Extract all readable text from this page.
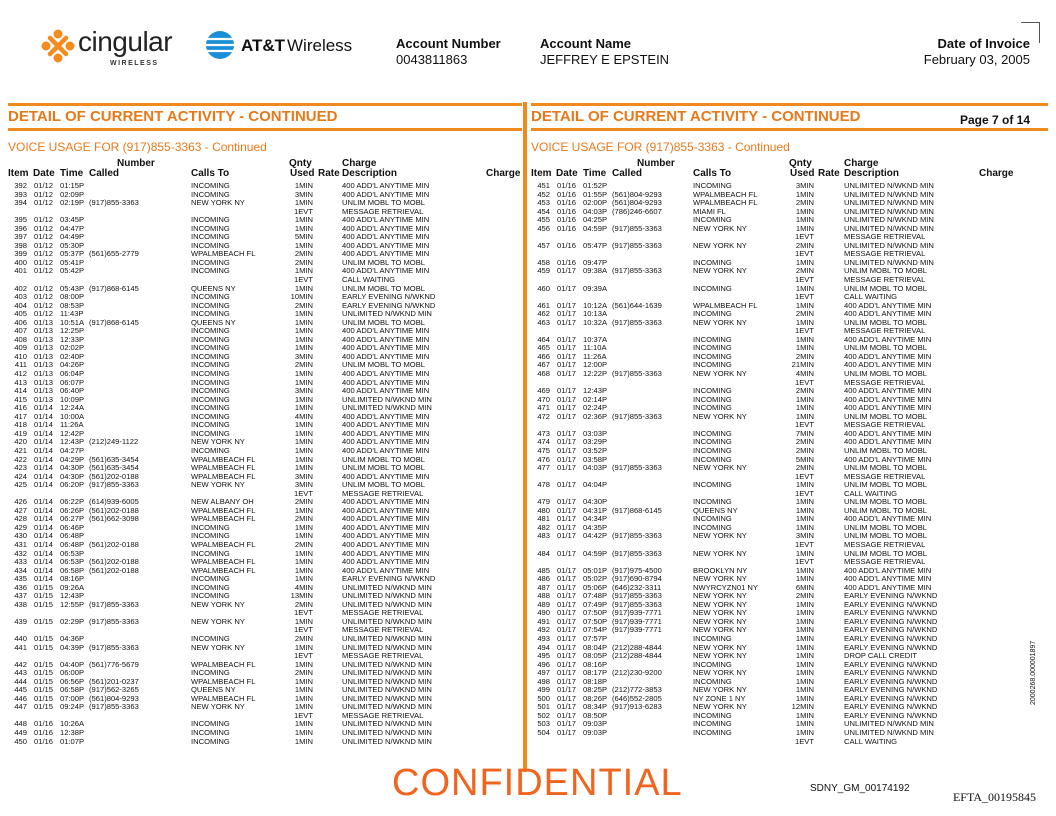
cingular
WIRELESS
AT&T Wireless	Account Number
0043811863
Account Name
JEFFREY E EPSTEIN
Date of Invoice
February 03, 2005
Page 7 of 14
DETAIL OF CURRENT ACTIVITY - CONTINUED
VOICE USAGE FOR (917)855-3363 - Continued
Number	Qnty	Charge
Item Date Time Called	Calls To	Used Rate Description	Charge
392 01/12 01:15P	INCOMING	1MIN	400 ADD'L ANYTIME MIN
393 01/12 02:09P	INCOMING	3MIN	400 ADD'L ANYTIME MIN
394 01/12 02:19P (917)855-3363	NEW YORK NY	1MIN	UNLIM MOBL TO MOBL
1EVT	MESSAGE RETRIEVAL
395 01/12 03:45P	INCOMING	1MIN	400 ADD'L ANYTIME MIN
396 01/12 04:47P	INCOMING	1MIN	400 ADD'L ANYTIME MIN
397 01/12 04:49P	INCOMING	5MIN	400 ADD'L ANYTIME MIN
398 01/12 05:30P	INCOMING	1MIN	400 ADD'L ANYTIME MIN
399 01/12 05:37P (561)655-2779	WPALMBEACH FL	2MIN	400 ADD'L ANYTIME MIN
400 01/12 05:41P	INCOMING	2MIN	UNLIM MOBL TO MOBL
401 01/12 05:42P	INCOMING	1MIN	400 ADD'L ANYTIME MIN
1EVT	CALL WAITING
402 01/12 05:43P (917)868-6145	QUEENS NY	1MIN	UNLIM MOBL TO MOBL
403 01/12 08:00P	INCOMING	10MIN	EARLY EVENING N/WKND
404 01/12 08:53P	INCOMING	2MIN	EARLY EVENING N/WKND
405 01/12 11:43P	INCOMING	1MIN	UNLIMITED N/WKND MIN
406 01/13 10:51A (917)868-6145	QUEENS NY	1MIN	UNLIM MOBL TO MOBL
407 01/13 12:25P	INCOMING	1MIN	400 ADD'L ANYTIME MIN
408 01/13 12:33P	INCOMING	1MIN	400 ADD'L ANYTIME MIN
409 01/13 02:02P	INCOMING	1MIN	400 ADD'L ANYTIME MIN
410 01/13 02:40P	INCOMING	3MIN	400 ADD'L ANYTIME MIN
411 01/13 04:26P	INCOMING	2MIN	UNLIM MOBL TO MOBL
412 01/13 06:04P	INCOMING	1MIN	400 ADD'L ANYTIME MIN
413 01/13 06:07P	INCOMING	1MIN	400 ADD'L ANYTIME MIN
414 01/13 06:40P	INCOMING	3MIN	400 ADD'L ANYTIME MIN
415 01/13 10:09P	INCOMING	1MIN	UNLIMITED N/WKND MIN
416 01/14 12:24A	INCOMING	1MIN	UNLIMITED N/WKND MIN
417 01/14 10:00A	INCOMING	4MIN	400 ADD'L ANYTIME MIN
418 01/14 11:26A	INCOMING	1MIN	400 ADD'L ANYTIME MIN
419 01/14 12:42P	INCOMING	1MIN	400 ADD'L ANYTIME MIN
420 01/14 12:43P (212)249-1122	NEW YORK NY	1MIN	400 ADD'L ANYTIME MIN
421 01/14 04:27P	INCOMING	1MIN	400 ADD'L ANYTIME MIN
422 01/14 04:29P (561)635-3454	WPALMBEACH FL	1MIN	UNLIM MOBL TO MOBL
423 01/14 04:30P (561)635-3454	WPALMBEACH FL	1MIN	UNLIM MOBL TO MOBL
424 01/14 04:30P (561)202-0188	WPALMBEACH FL	3MIN	400 ADD'L ANYTIME MIN
425 01/14 06:20P (917)855-3363	NEW YORK NY	3MIN	UNLIM MOBL TO MOBL
1EVT	MESSAGE RETRIEVAL
426 01/14 06:22P (614)939-6005	NEW ALBANY OH	2MIN	400 ADD'L ANYTIME MIN
427 01/14 06:26P (561)202-0188	WPALMBEACH FL	1MIN	400 ADD'L ANYTIME MIN
428 01/14 06:27P (561)662-3098	WPALMBEACH FL	2MIN	400 ADD'L ANYTIME MIN
429 01/14 06:46P	INCOMING	1MIN	400 ADD'L ANYTIME MIN
430 01/14 06:48P	INCOMING	1MIN	400 ADD'L ANYTIME MIN
431 01/14 06:48P (561)202-0188	WPALMBEACH FL	2MIN	400 ADD'L ANYTIME MIN
432 01/14 06:53P	INCOMING	1MIN	400 ADD'L ANYTIME MIN
433 01/14 06:53P (561)202-0188	WPALMBEACH FL	1MIN	400 ADD'L ANYTIME MIN
434 01/14 06:58P (561)202-0188	WPALMBEACH FL	1MIN	400 ADD'L ANYTIME MIN
435 01/14 08:16P	INCOMING	1MIN	EARLY EVENING N/WKND
436 01/15 09:26A	INCOMING	4MIN	UNLIMITED N/WKND MIN
437 01/15 12:43P	INCOMING	13MIN	UNLIMITED N/WKND MIN
438 01/15 12:55P (917)855-3363	NEW YORK NY	2MIN	UNLIMITED N/WKND MIN
1EVT	MESSAGE RETRIEVAL
439 01/15 02:29P (917)855-3363	NEW YORK NY	1MIN	UNLIMITED N/WKND MIN
1EVT	MESSAGE RETRIEVAL
440 01/15 04:36P	INCOMING	2MIN	UNLIMITED N/WKND MIN
441 01/15 04:39P (917)855-3363	NEW YORK NY	1MIN	UNLIMITED N/WKND MIN
1EVT	MESSAGE RETRIEVAL
442 01/15 04:40P (561)776-5679	WPALMBEACH FL	1MIN	UNLIMITED N/WKND MIN
443 01/15 06:00P	INCOMING	2MIN	UNLIMITED N/WKND MIN
444 01/15 06:56P (561)201-0237	WPALMBEACH FL	1MIN	UNLIMITED N/WKND MIN
445 01/15 06:58P (917)562-3265	QUEENS NY	1MIN	UNLIMITED N/WKND MIN
446 01/15 07:00P (561)804-9293	WPALMBEACH FL	1MIN	UNLIMITED N/WKND MIN
447 01/15 09:24P (917)855-3363	NEW YORK NY	1MIN	UNLIMITED N/WKND MIN
1EVT	MESSAGE RETRIEVAL
448 01/16 10:26A	INCOMING	1MIN	UNLIMITED N/WKND MIN
449 01/16 12:38P	INCOMING	1MIN	UNLIMITED N/WKND MIN
450 01/16 01:07P	INCOMING	1MIN	UNLIMITED N/WKND MIN
DETAIL OF CURRENT ACTIVITY - CONTINUED
VOICE USAGE FOR (917)855-3363 - Continued
Number	Qnty	Charge
Item Date Time Called	Calls To	Used Rate Description	Charge
451 01/16 01:52P	INCOMING	3MIN	UNLIMITED N/WKND MIN
452 01/16 01:55P (561)804-9293	WPALMBEACH FL	1MIN	UNLIMITED N/WKND MIN
453 01/16 02:00P (561)804-9293	WPALMBEACH FL	2MIN	UNLIMITED N/WKND MIN
454 01/16 04:03P (786)246-6607	MIAMI FL	1MIN	UNLIMITED N/WKND MIN
455 01/16 04:25P	INCOMING	1MIN	UNLIMITED N/WKND MIN
456 01/16 04:59P (917)855-3363	NEW YORK NY	1MIN	UNLIMITED N/WKND MIN
1EVT	MESSAGE RETRIEVAL
457 01/16 05:47P (917)855-3363	NEW YORK NY	2MIN	UNLIMITED N/WKND MIN
1EVT	MESSAGE RETRIEVAL
458 01/16 09:47P	INCOMING	1MIN	UNLIMITED N/WKND MIN
459 01/17 09:38A (917)855-3363	NEW YORK NY	2MIN	UNLIM MOBL TO MOBL
1EVT	MESSAGE RETRIEVAL
460 01/17 09:39A	INCOMING	1MIN	UNLIM MOBL TO MOBL
1EVT	CALL WAITING
461 01/17 10:12A (561)644-1639	WPALMBEACH FL	1MIN	400 ADD'L ANYTIME MIN
462 01/17 10:13A	INCOMING	2MIN	400 ADD'L ANYTIME MIN
463 01/17 10:32A (917)855-3363	NEW YORK NY	1MIN	UNLIM MOBL TO MOBL
1EVT	MESSAGE RETRIEVAL
464 01/17 10:37A	INCOMING	1MIN	400 ADD'L ANYTIME MIN
465 01/17 11:10A	INCOMING	1MIN	UNLIM MOBL TO MOBL
466 01/17 11:26A	INCOMING	2MIN	400 ADD'L ANYTIME MIN
467 01/17 12:00P	INCOMING	21MIN	400 ADD'L ANYTIME MIN
468 01/17 12:22P (917)855-3363	NEW YORK NY	4MIN	UNLIM MOBL TO MOBL
1EVT	MESSAGE RETRIEVAL
469 01/17 12:43P	INCOMING	2MIN	400 ADD'L ANYTIME MIN
470 01/17 02:14P	INCOMING	1MIN	400 ADD'L ANYTIME MIN
471 01/17 02:24P	INCOMING	1MIN	400 ADD'L ANYTIME MIN
472 01/17 02:36P (917)855-3363	NEW YORK NY	1MIN	UNLIM MOBL TO MOBL
1EVT	MESSAGE RETRIEVAL
473 01/17 03:03P	INCOMING	7MIN	400 ADD'L ANYTIME MIN
474 01/17 03:29P	INCOMING	2MIN	400 ADD'L ANYTIME MIN
475 01/17 03:52P	INCOMING	2MIN	UNLIM MOBL TO MOBL
476 01/17 03:58P	INCOMING	5MIN	400 ADD'L ANYTIME MIN
477 01/17 04:03P (917)855-3363	NEW YORK NY	2MIN	UNLIM MOBL TO MOBL
1EVT	MESSAGE RETRIEVAL
478 01/17 04:04P	INCOMING	1MIN	UNLIM MOBL TO MOBL
1EVT	CALL WAITING
479 01/17 04:30P	INCOMING	1MIN	UNLIM MOBL TO MOBL
480 01/17 04:31P (917)868-6145	QUEENS NY	1MIN	UNLIM MOBL TO MOBL
481 01/17 04:34P	INCOMING	1MIN	400 ADD'L ANYTIME MIN
482 01/17 04:35P	INCOMING	1MIN	UNLIM MOBL TO MOBL
483 01/17 04:42P (917)855-3363	NEW YORK NY	3MIN	UNLIM MOBL TO MOBL
1EVT	MESSAGE RETRIEVAL
484 01/17 04:59P (917)855-3363	NEW YORK NY	1MIN	UNLIM MOBL TO MOBL
1EVT	MESSAGE RETRIEVAL
485 01/17 05:01P (917)975-4500	BROOKLYN NY	1MIN	400 ADD'L ANYTIME MIN
486 01/17 05:02P (917)690-8794	NEW YORK NY	1MIN	400 ADD'L ANYTIME MIN
487 01/17 05:06P (646)232-3311	NWYRCYZN01 NY	6MIN	400 ADD'L ANYTIME MIN
488 01/17 07:48P (917)855-3363	NEW YORK NY	2MIN	EARLY EVENING N/WKND
489 01/17 07:49P (917)855-3363	NEW YORK NY	1MIN	EARLY EVENING N/WKND
490 01/17 07:50P (917)939-7771	NEW YORK NY	1MIN	EARLY EVENING N/WKND
491 01/17 07:50P (917)939-7771	NEW YORK NY	1MIN	EARLY EVENING N/WKND
492 01/17 07:54P (917)939-7771	NEW YORK NY	1MIN	EARLY EVENING N/WKND
493 01/17 07:57P	INCOMING	1MIN	EARLY EVENING N/WKND
494 01/17 08:04P (212)288-4844	NEW YORK NY	1MIN	EARLY EVENING N/WKND
495 01/17 08:05P (212)288-4844	NEW YORK NY	1MIN	DROP CALL CREDIT
496 01/17 08:16P	INCOMING	1MIN	EARLY EVENING N/WKND
497 01/17 08:17P (212)230-9200	NEW YORK NY	1MIN	EARLY EVENING N/WKND
498 01/17 08:18P	INCOMING	1MIN	EARLY EVENING N/WKND
499 01/17 08:25P (212)772-3853	NEW YORK NY	1MIN	EARLY EVENING N/WKND
500 01/17 08:26P (646)552-2805	NY ZONE 1 NY	1MIN	EARLY EVENING N/WKND
501 01/17 08:34P (917)913-6283	NEW YORK NY	12MIN	EARLY EVENING N/WKND
502 01/17 08:50P	INCOMING	1MIN	EARLY EVENING N/WKND
503 01/17 09:03P	INCOMING	1MIN	UNLIMITED N/WKND MIN
504 01/17 09:03P	INCOMING	1MIN	UNLIMITED N/WKND MIN
1EVT	CALL WAITING
CONFIDENTIAL	SDNY_GM_00174192
EFTA_00195845
2000268.000001897
